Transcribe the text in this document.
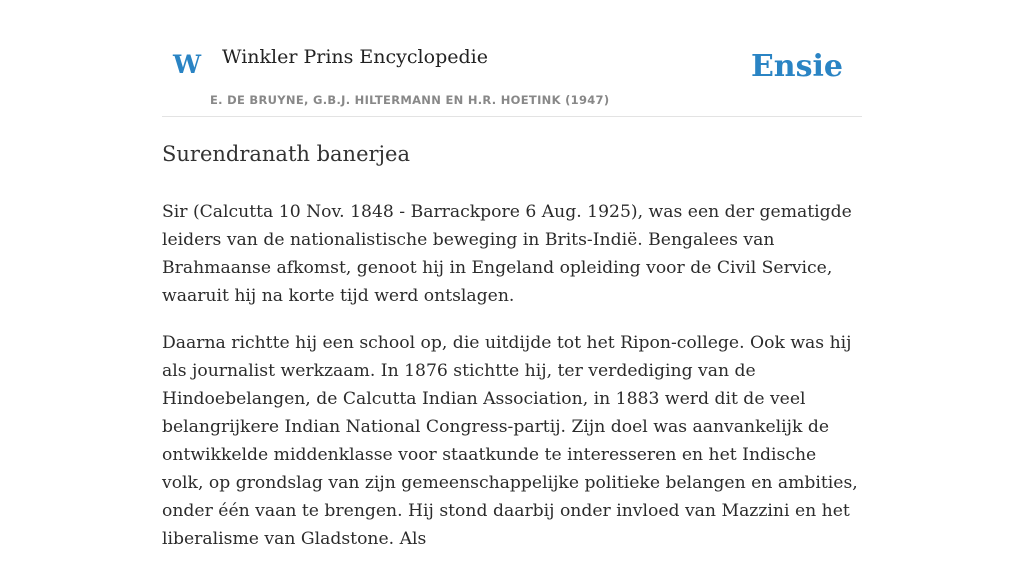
W Winkler Prins Encyclopedie
E. DE BRUYNE, G.B.J. HILTERMANN EN H.R. HOETINK (1947)
Ensie
Surendranath banerjea

Sir (Calcutta 10 Nov. 1848 - Barrackpore 6 Aug. 1925), was een der gematigde leiders van de nationalistische beweging in Brits-Indië. Bengalees van Brahmaanse afkomst, genoot hij in Engeland opleiding voor de Civil Service, waaruit hij na korte tijd werd ontslagen.

Daarna richtte hij een school op, die uitdijde tot het Ripon-college. Ook was hij als journalist werkzaam. In 1876 stichtte hij, ter verdediging van de Hindoebelangen, de Calcutta Indian Association, in 1883 werd dit de veel belangrijkere Indian National Congress-partij. Zijn doel was aanvankelijk de ontwikkelde middenklasse voor staatkunde te interesseren en het Indische volk, op grondslag van zijn gemeenschappelijke politieke belangen en ambities, onder één vaan te brengen. Hij stond daarbij onder invloed van Mazzini en het liberalisme van Gladstone. Als
